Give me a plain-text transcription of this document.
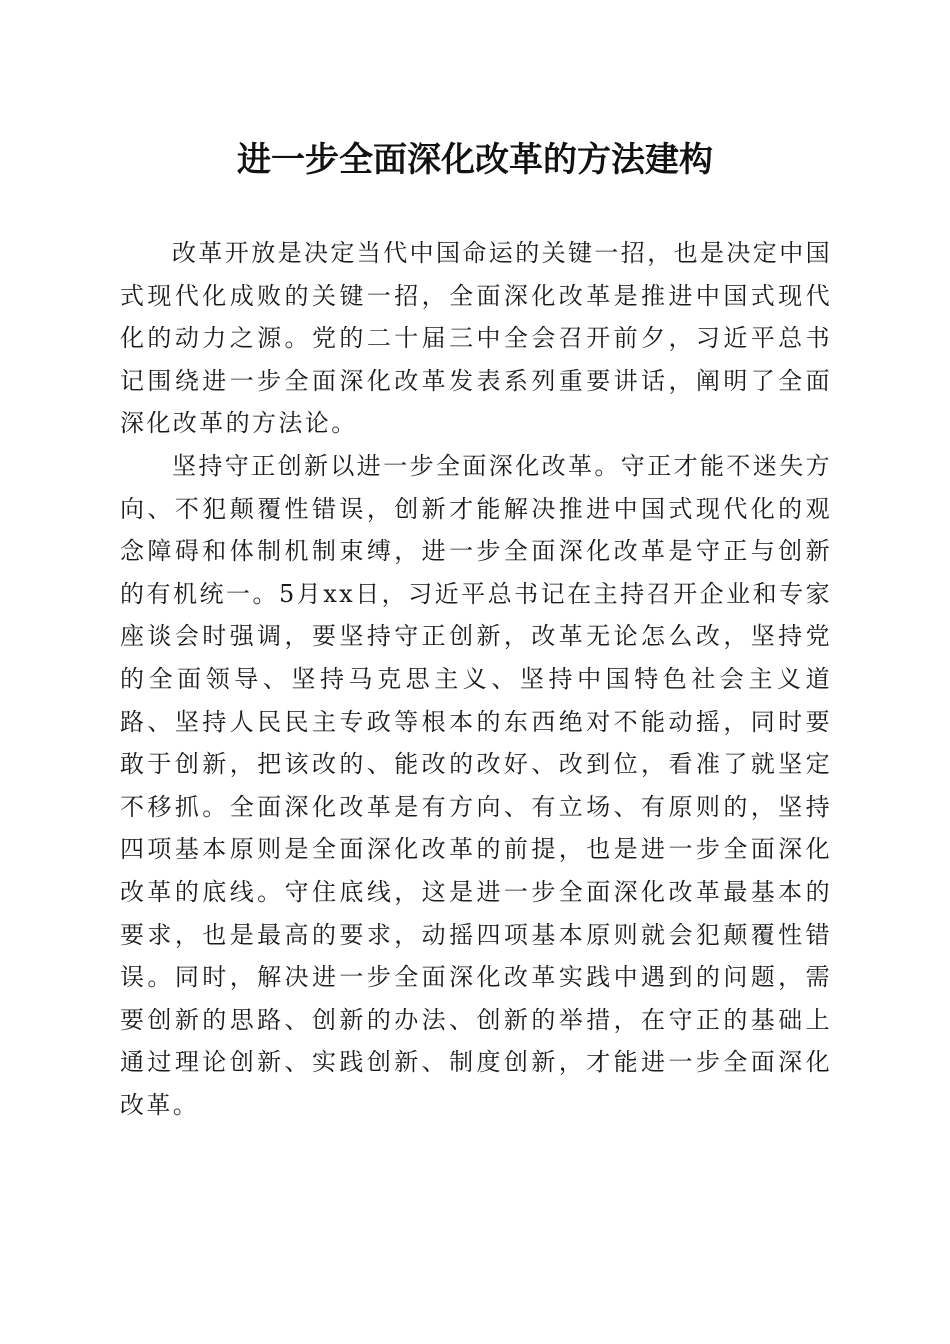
进一步全面深化改革的方法建构

改革开放是决定当代中国命运的关键一招，也是决定中国式现代化成败的关键一招，全面深化改革是推进中国式现代化的动力之源。党的二十届三中全会召开前夕，习近平总书记围绕进一步全面深化改革发表系列重要讲话，阐明了全面深化改革的方法论。

坚持守正创新以进一步全面深化改革。守正才能不迷失方向、不犯颠覆性错误，创新才能解决推进中国式现代化的观念障碍和体制机制束缚，进一步全面深化改革是守正与创新的有机统一。5月xx日，习近平总书记在主持召开企业和专家座谈会时强调，要坚持守正创新，改革无论怎么改，坚持党的全面领导、坚持马克思主义、坚持中国特色社会主义道路、坚持人民民主专政等根本的东西绝对不能动摇，同时要敢于创新，把该改的、能改的改好、改到位，看准了就坚定不移抓。全面深化改革是有方向、有立场、有原则的，坚持四项基本原则是全面深化改革的前提，也是进一步全面深化改革的底线。守住底线，这是进一步全面深化改革最基本的要求，也是最高的要求，动摇四项基本原则就会犯颠覆性错误。同时，解决进一步全面深化改革实践中遇到的问题，需要创新的思路、创新的办法、创新的举措，在守正的基础上通过理论创新、实践创新、制度创新，才能进一步全面深化改革。
